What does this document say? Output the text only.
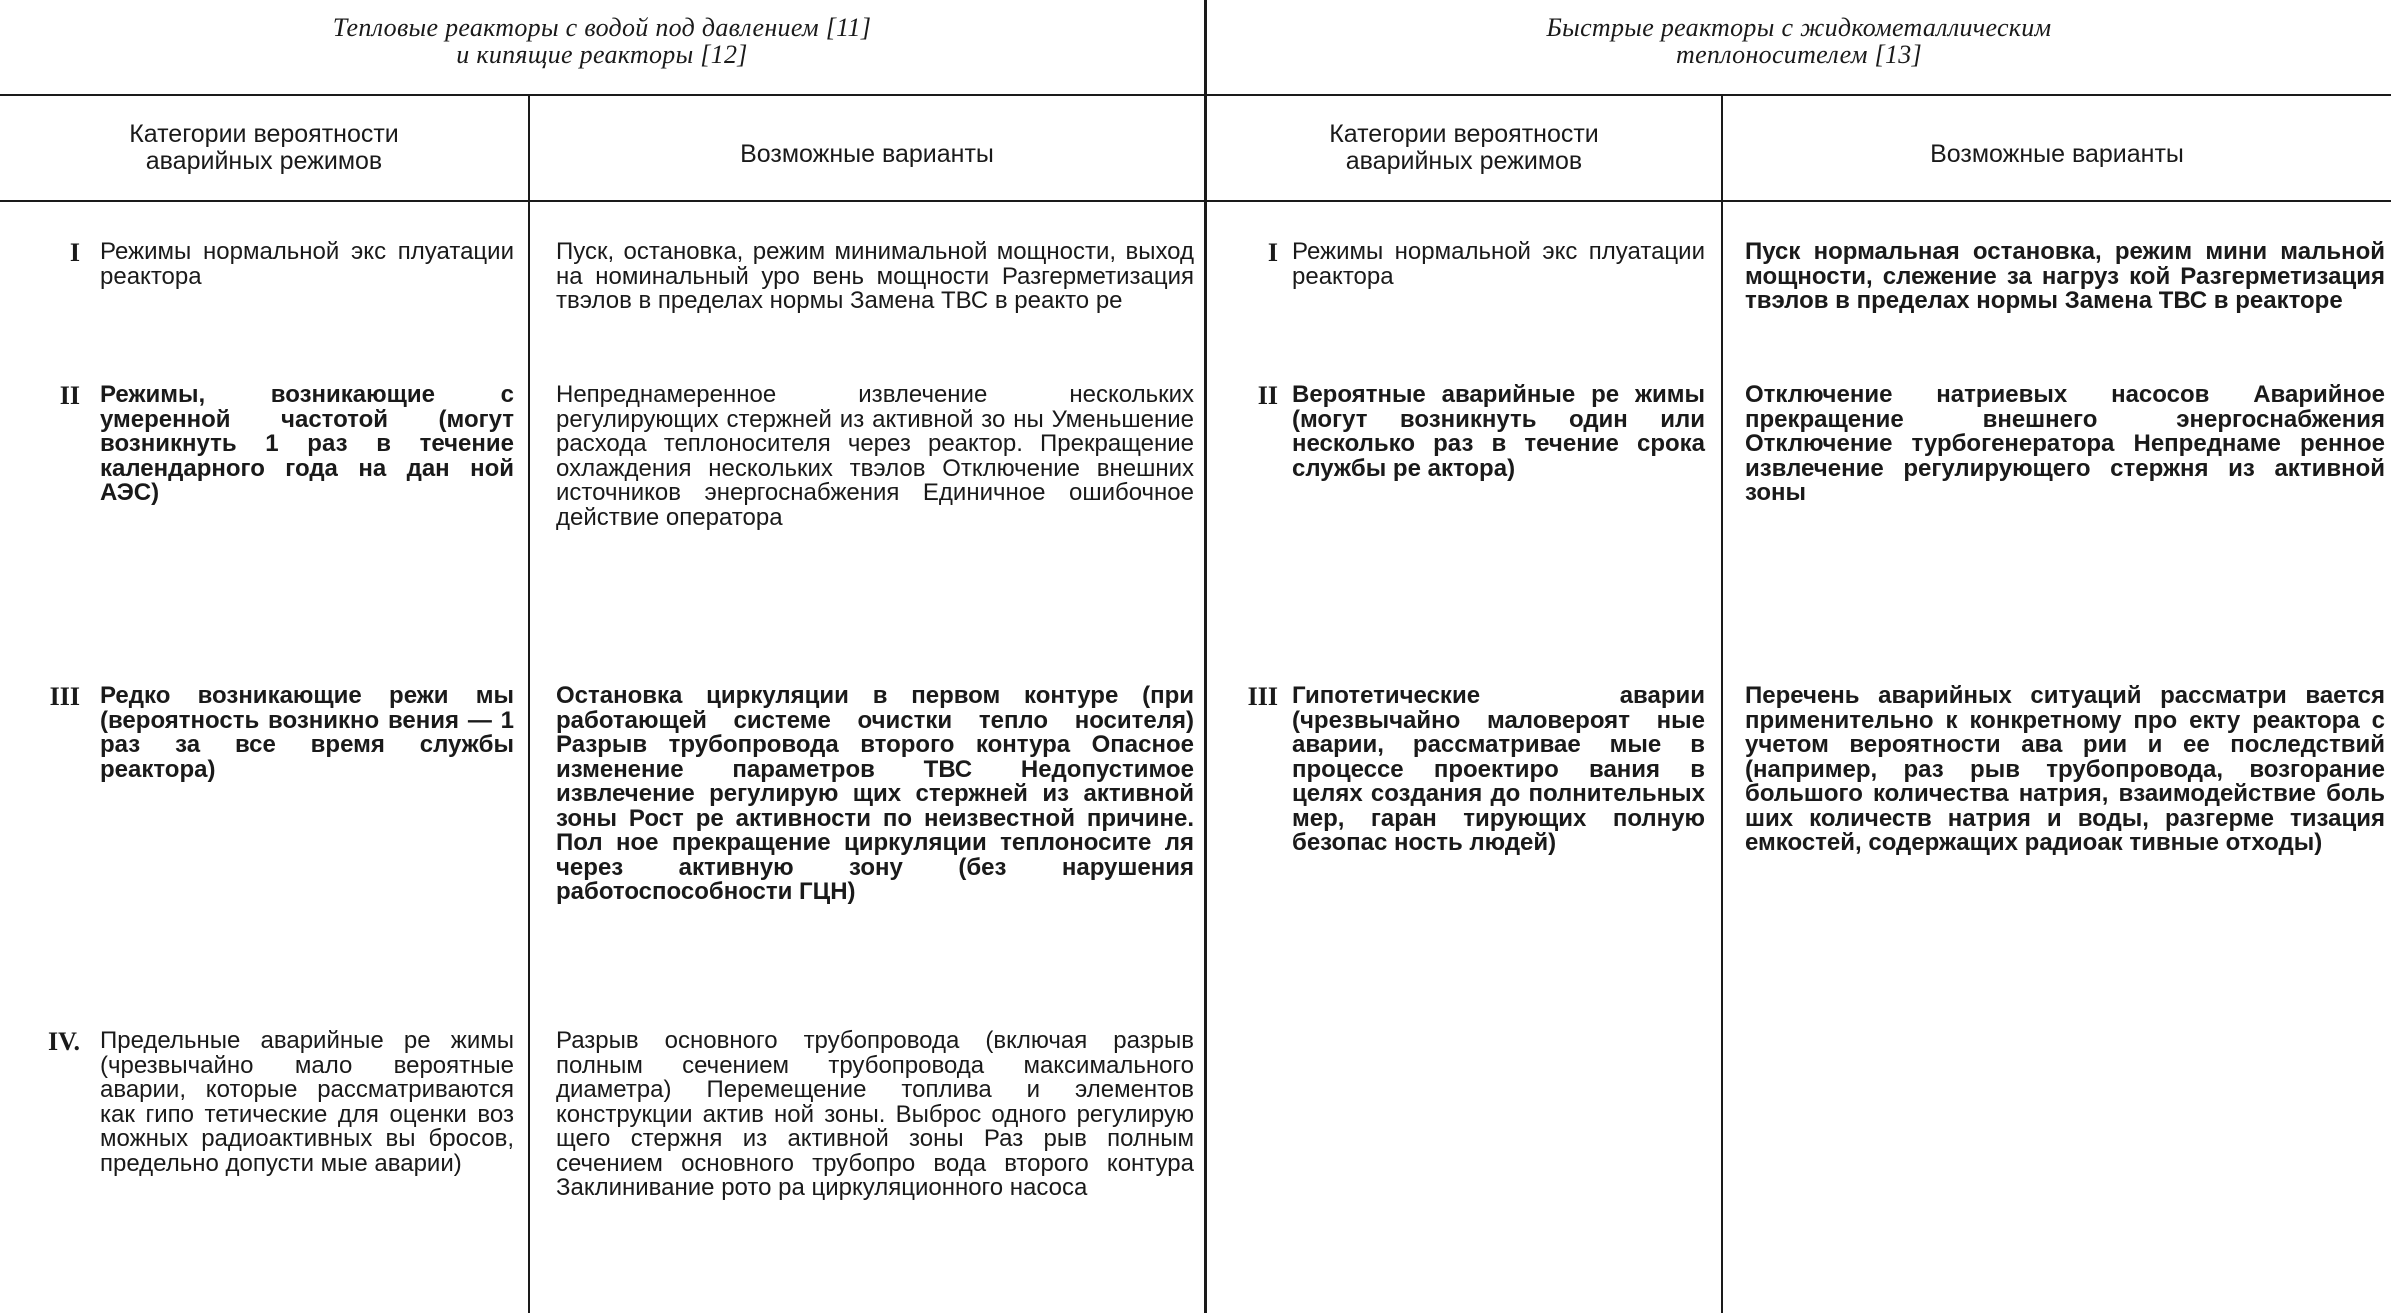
Тепловые реакторы с водой под давлением [11]
и кипящие реакторы [12]
Быстрые реакторы с жидкометаллическим
теплоносителем [13]
Категории вероятности
аварийных режимов	Возможные варианты
Категории вероятности
аварийных режимов	Возможные варианты
I Режимы нормальной экс плуатации реактора
Пуск, остановка, режим минимальной мощности, выход на номинальный уро вень мощности Разгерметизация твэлов в пределах нормы Замена ТВС в реакто ре
I Режимы нормальной экс плуатации реактора
Пуск нормальная остановка, режим мини мальной мощности, слежение за нагруз кой Разгерметизация твэлов в пределах нормы Замена ТВС в реакторе
II Режимы, возникающие с умеренной частотой (могут возникнуть 1 раз в течение календарного года на дан ной АЭС)
Непреднамеренное извлечение нескольких регулирующих стержней из активной зо ны Уменьшение расхода теплоносителя через реактор. Прекращение охлаждения нескольких твэлов Отключение внешних источников энергоснабжения Единичное ошибочное действие оператора
II Вероятные аварийные ре жимы (могут возникнуть один или несколько раз в течение срока службы ре актора)
Отключение натриевых насосов Аварийное прекращение внешнего энергоснабжения Отключение турбогенератора Непреднаме ренное извлечение регулирующего стержня из активной зоны
III Редко возникающие режи мы (вероятность возникно вения — 1 раз за все время службы реактора)
Остановка циркуляции в первом контуре (при работающей системе очистки тепло носителя) Разрыв трубопровода второго контура Опасное изменение параметров ТВС Недопустимое извлечение регулирую щих стержней из активной зоны Рост ре активности по неизвестной причине. Пол ное прекращение циркуляции теплоносите ля через активную зону (без нарушения работоспособности ГЦН)
III Гипотетические аварии (чрезвычайно маловероят ные аварии, рассматривае мые в процессе проектиро вания в целях создания до полнительных мер, гаран тирующих полную безопас ность людей)
Перечень аварийных ситуаций рассматри вается применительно к конкретному про екту реактора с учетом вероятности ава рии и ее последствий (например, раз рыв трубопровода, возгорание большого количества натрия, взаимодействие боль ших количеств натрия и воды, разгерме тизация емкостей, содержащих радиоак тивные отходы)
IV. Предельные аварийные ре жимы (чрезвычайно мало вероятные аварии, которые рассматриваются как гипо тетические для оценки воз можных радиоактивных вы бросов, предельно допусти мые аварии)
Разрыв основного трубопровода (включая разрыв полным сечением трубопровода максимального диаметра) Перемещение топлива и элементов конструкции актив ной зоны. Выброс одного регулирую щего стержня из активной зоны Раз рыв полным сечением основного трубопро вода второго контура Заклинивание рото ра циркуляционного насоса
